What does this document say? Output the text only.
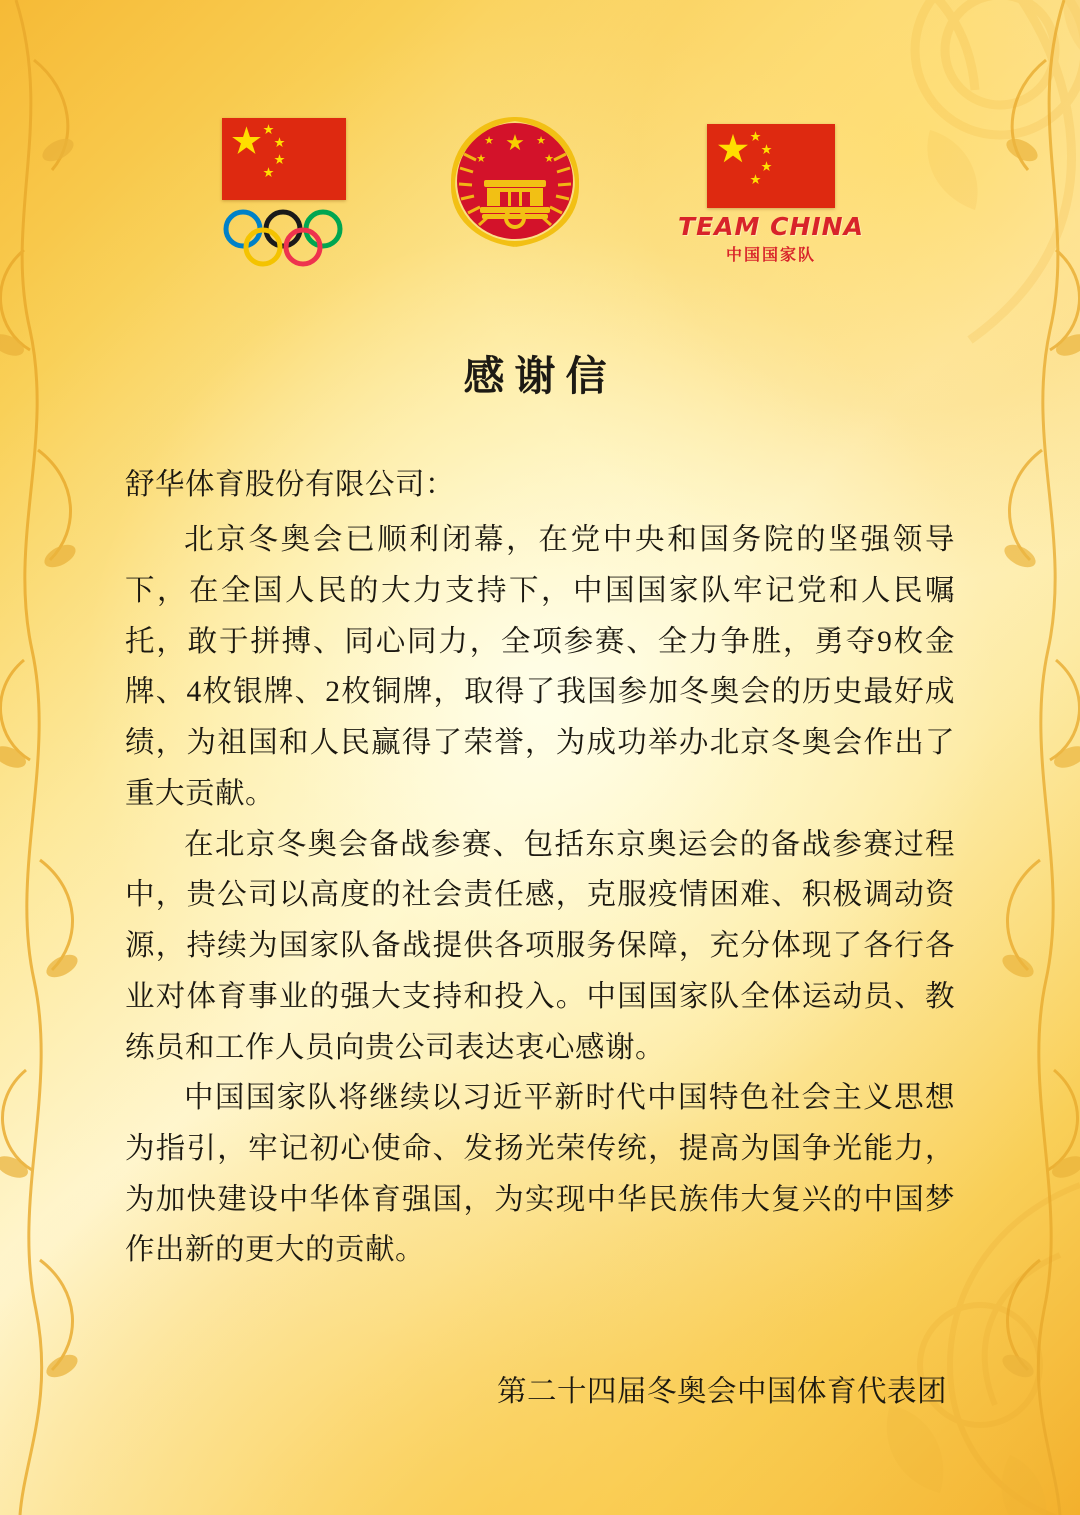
★ ★
★
★
★
★
★	★
★	★	★ ★
★
★
★
TEAM CHINA
中国国家队
感谢信

舒华体育股份有限公司：

北京冬奥会已顺利闭幕，在党中央和国务院的坚强领导下，在全国人民的大力支持下，中国国家队牢记党和人民嘱托，敢于拼搏、同心同力，全项参赛、全力争胜，勇夺9枚金牌、4枚银牌、2枚铜牌，取得了我国参加冬奥会的历史最好成绩，为祖国和人民赢得了荣誉，为成功举办北京冬奥会作出了重大贡献。

在北京冬奥会备战参赛、包括东京奥运会的备战参赛过程中，贵公司以高度的社会责任感，克服疫情困难、积极调动资源，持续为国家队备战提供各项服务保障，充分体现了各行各业对体育事业的强大支持和投入。中国国家队全体运动员、教练员和工作人员向贵公司表达衷心感谢。

中国国家队将继续以习近平新时代中国特色社会主义思想为指引，牢记初心使命、发扬光荣传统，提高为国争光能力，为加快建设中华体育强国，为实现中华民族伟大复兴的中国梦作出新的更大的贡献。

第二十四届冬奥会中国体育代表团
